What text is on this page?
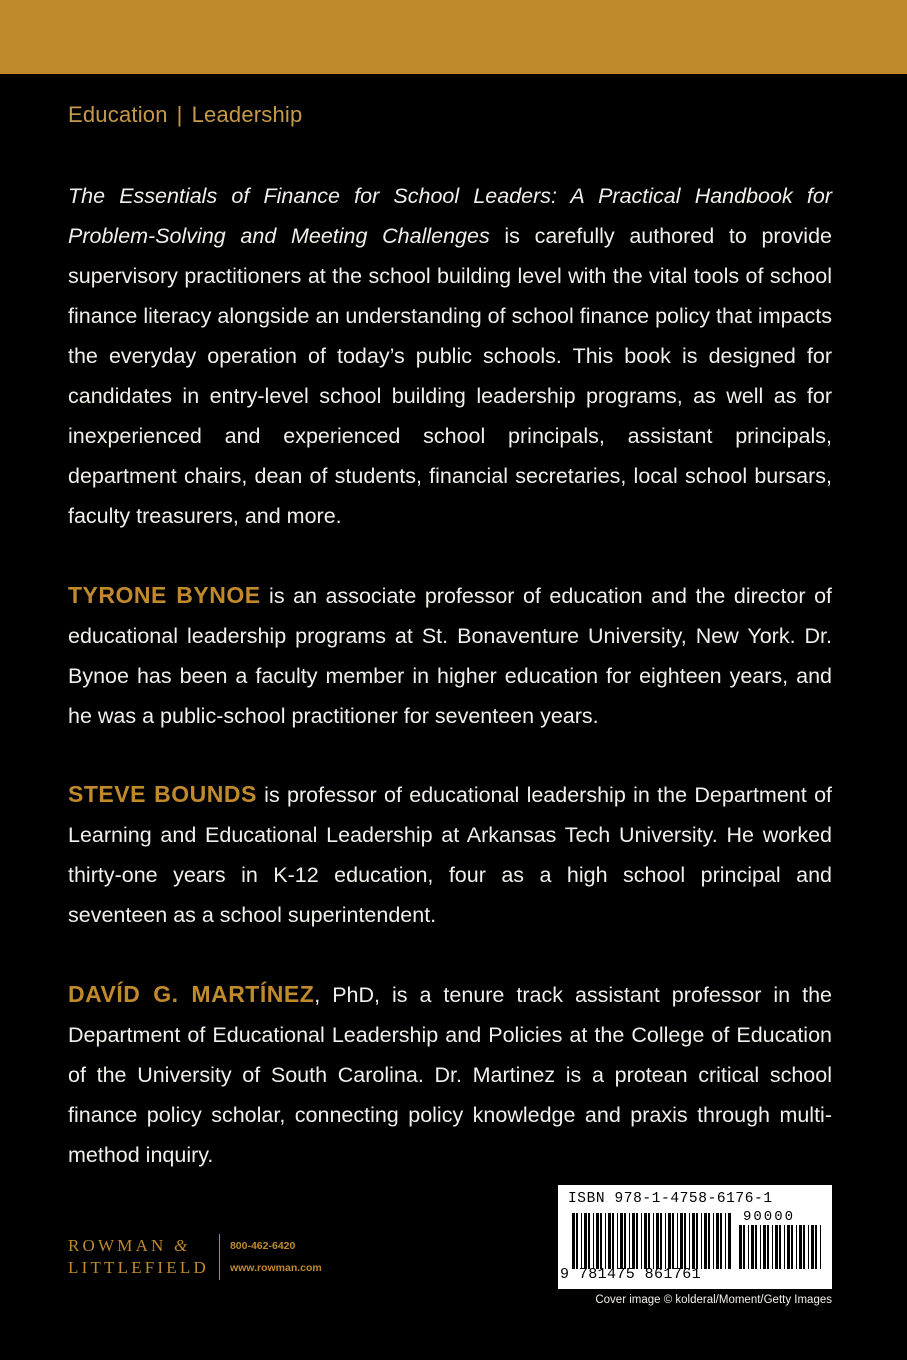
Education | Leadership

The Essentials of Finance for School Leaders: A Practical Handbook for Problem-Solving and Meeting Challenges is carefully authored to provide supervisory practitioners at the school building level with the vital tools of school finance literacy alongside an understanding of school finance policy that impacts the everyday operation of today’s public schools. This book is designed for candidates in entry-level school building leadership programs, as well as for inexperienced and experienced school principals, assistant principals, department chairs, dean of students, financial secretaries, local school bursars, faculty treasurers, and more.

TYRONE BYNOE is an associate professor of education and the director of educational leadership programs at St. Bonaventure University, New York. Dr. Bynoe has been a faculty member in higher education for eighteen years, and he was a public-school practitioner for seventeen years.

STEVE BOUNDS is professor of educational leadership in the Department of Learning and Educational Leadership at Arkansas Tech University. He worked thirty-one years in K-12 education, four as a high school principal and seventeen as a school superintendent.

DAVÍD G. MARTÍNEZ, PhD, is a tenure track assistant professor in the Department of Educational Leadership and Policies at the College of Education of the University of South Carolina. Dr. Martinez is a protean critical school finance policy scholar, connecting policy knowledge and praxis through multi-method inquiry.

ROWMAN &
LITTLEFIELD
800-462-6420
www.rowman.com
ISBN 978-1-4758-6176-1
90000
9 781475 861761
Cover image © kolderal/Moment/Getty Images
